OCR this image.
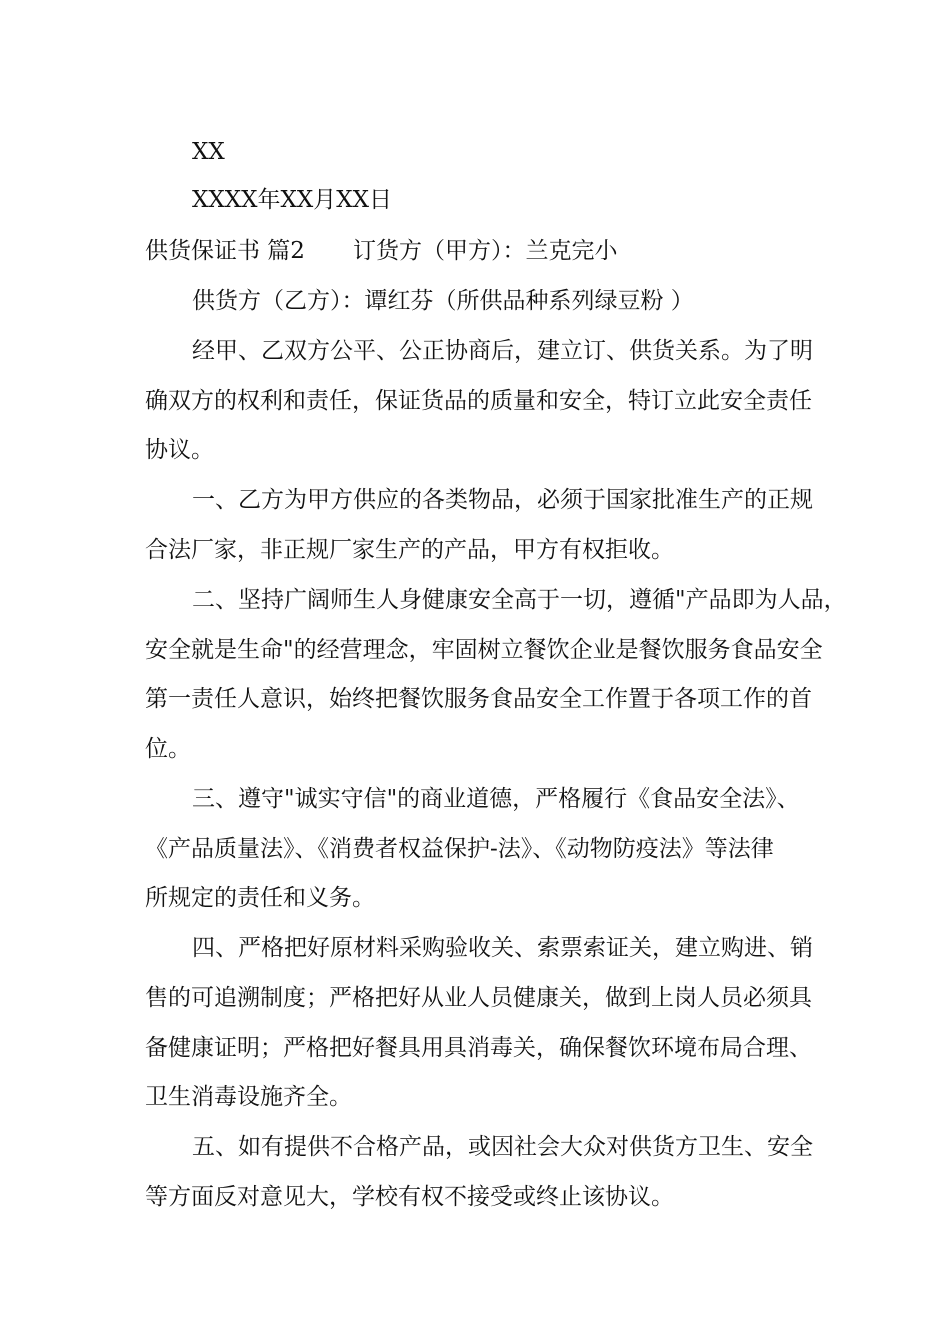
XX
XXXX年XX月XX日
供货保证书 篇2 订货方（甲方）：兰克完小
供货方（乙方）：谭红芬（所供品种系列绿豆粉 ）
经甲、乙双方公平、公正协商后，建立订、供货关系。为了明
确双方的权利和责任，保证货品的质量和安全，特订立此安全责任
协议。
一、乙方为甲方供应的各类物品，必须于国家批准生产的正规
合法厂家，非正规厂家生产的产品，甲方有权拒收。
二、坚持广阔师生人身健康安全高于一切，遵循"产品即为人品，
安全就是生命"的经营理念，牢固树立餐饮企业是餐饮服务食品安全
第一责任人意识，始终把餐饮服务食品安全工作置于各项工作的首
位。
三、遵守"诚实守信"的商业道德，严格履行《食品安全法》、
《产品质量法》、《消费者权益保护-法》、《动物防疫法》等法律
所规定的责任和义务。
四、严格把好原材料采购验收关、索票索证关，建立购进、销
售的可追溯制度；严格把好从业人员健康关，做到上岗人员必须具
备健康证明；严格把好餐具用具消毒关，确保餐饮环境布局合理、
卫生消毒设施齐全。
五、如有提供不合格产品，或因社会大众对供货方卫生、安全
等方面反对意见大，学校有权不接受或终止该协议。
